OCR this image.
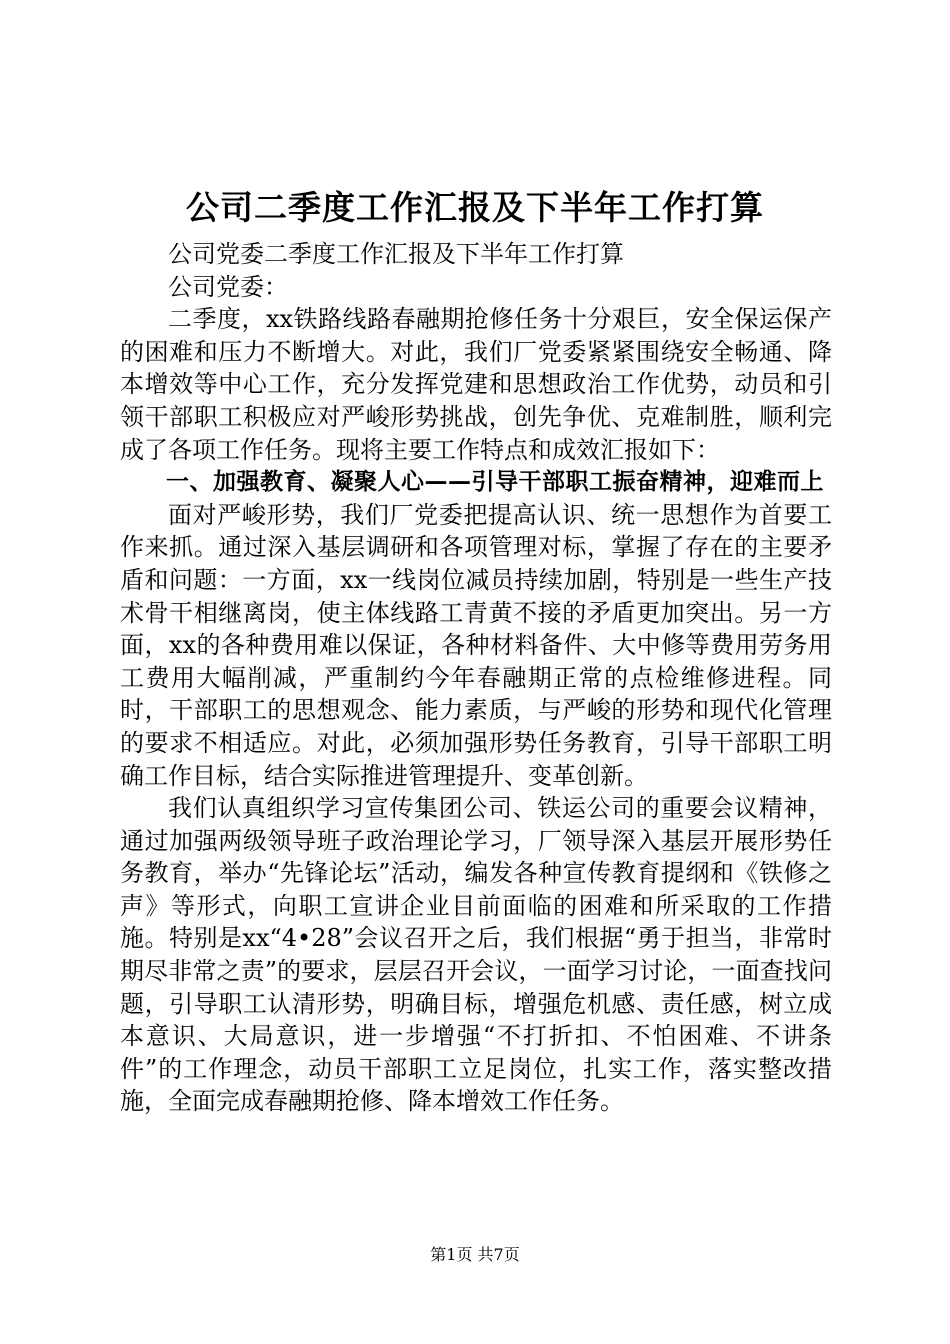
公司二季度工作汇报及下半年工作打算

公司党委二季度工作汇报及下半年工作打算

公司党委：

二季度，xx铁路线路春融期抢修任务十分艰巨，安全保运保产的困难和压力不断增大。对此，我们厂党委紧紧围绕安全畅通、降本增效等中心工作，充分发挥党建和思想政治工作优势，动员和引领干部职工积极应对严峻形势挑战，创先争优、克难制胜，顺利完成了各项工作任务。现将主要工作特点和成效汇报如下：

一、加强教育、凝聚人心——引导干部职工振奋精神，迎难而上

面对严峻形势，我们厂党委把提高认识、统一思想作为首要工作来抓。通过深入基层调研和各项管理对标，掌握了存在的主要矛盾和问题：一方面，xx一线岗位减员持续加剧，特别是一些生产技术骨干相继离岗，使主体线路工青黄不接的矛盾更加突出。另一方面，xx的各种费用难以保证，各种材料备件、大中修等费用劳务用工费用大幅削减，严重制约今年春融期正常的点检维修进程。同时，干部职工的思想观念、能力素质，与严峻的形势和现代化管理的要求不相适应。对此，必须加强形势任务教育，引导干部职工明确工作目标，结合实际推进管理提升、变革创新。

我们认真组织学习宣传集团公司、铁运公司的重要会议精神，通过加强两级领导班子政治理论学习，厂领导深入基层开展形势任务教育，举办“先锋论坛”活动，编发各种宣传教育提纲和《铁修之声》等形式，向职工宣讲企业目前面临的困难和所采取的工作措施。特别是xx“4•28”会议召开之后，我们根据“勇于担当，非常时期尽非常之责”的要求，层层召开会议，一面学习讨论，一面查找问题，引导职工认清形势，明确目标，增强危机感、责任感，树立成本意识、大局意识，进一步增强“不打折扣、不怕困难、不讲条件”的工作理念，动员干部职工立足岗位，扎实工作，落实整改措施，全面完成春融期抢修、降本增效工作任务。

第1页 共7页
